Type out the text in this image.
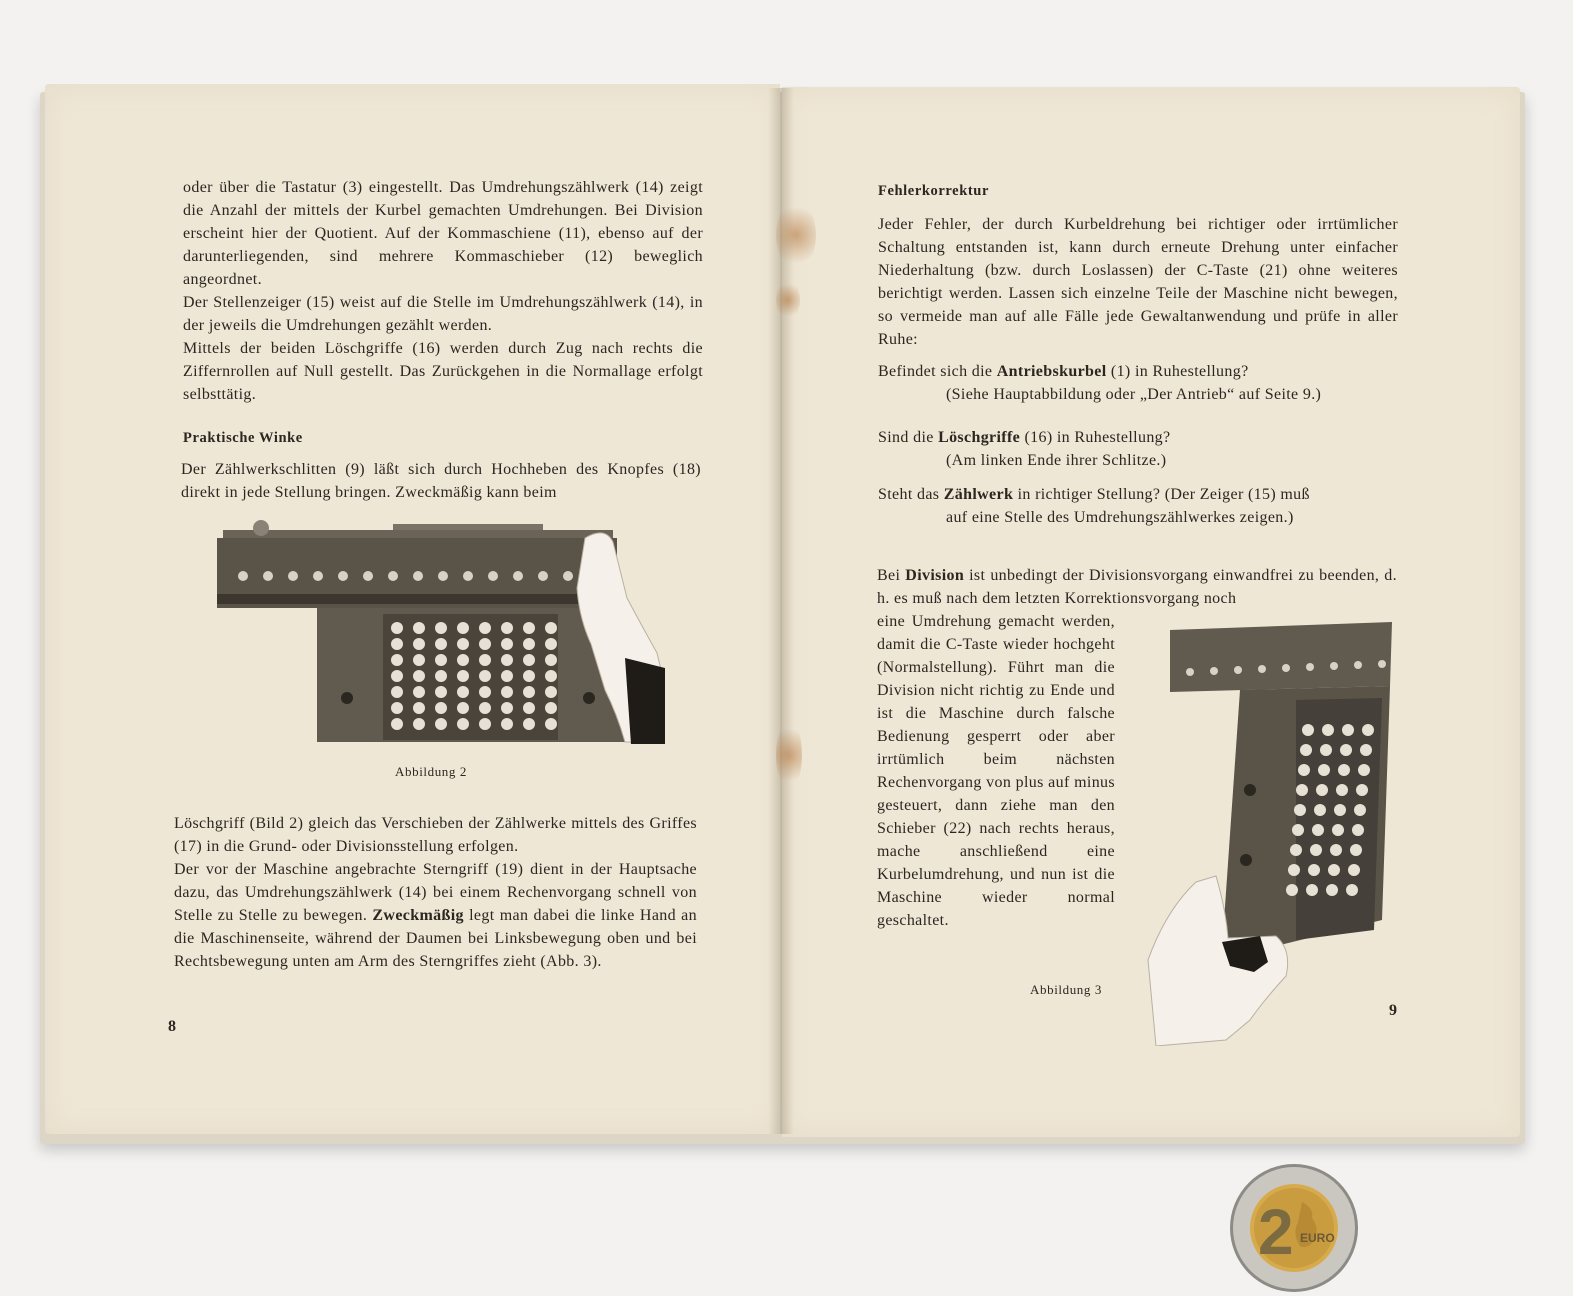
oder über die Tastatur (3) eingestellt. Das Umdrehungszählwerk (14) zeigt die Anzahl der mittels der Kurbel gemachten Umdrehungen. Bei Division erscheint hier der Quotient. Auf der Kommaschiene (11), ebenso auf der darunterliegenden, sind mehrere Kommaschieber (12) beweglich angeordnet.

Der Stellenzeiger (15) weist auf die Stelle im Umdrehungszählwerk (14), in der jeweils die Umdrehungen gezählt werden.

Mittels der beiden Löschgriffe (16) werden durch Zug nach rechts die Ziffernrollen auf Null gestellt. Das Zurückgehen in die Normallage erfolgt selbsttätig.

Praktische Winke
Der Zählwerkschlitten (9) läßt sich durch Hochheben des Knopfes (18) direkt in jede Stellung bringen. Zweckmäßig kann beim
Abbildung 2
Löschgriff (Bild 2) gleich das Verschieben der Zählwerke mittels des Griffes (17) in die Grund- oder Divisionsstellung erfolgen.
Der vor der Maschine angebrachte Sterngriff (19) dient in der Hauptsache dazu, das Umdrehungszählwerk (14) bei einem Rechenvorgang schnell von Stelle zu Stelle zu bewegen. Zweckmäßig legt man dabei die linke Hand an die Maschinenseite, während der Daumen bei Linksbewegung oben und bei Rechtsbewegung unten am Arm des Sterngriffes zieht (Abb. 3).
8
Fehlerkorrektur
Jeder Fehler, der durch Kurbeldrehung bei richtiger oder irrtümlicher Schaltung entstanden ist, kann durch erneute Drehung unter einfacher Niederhaltung (bzw. durch Loslassen) der C-Taste (21) ohne weiteres berichtigt werden. Lassen sich einzelne Teile der Maschine nicht bewegen, so vermeide man auf alle Fälle jede Gewaltanwendung und prüfe in aller Ruhe:
Befindet sich die Antriebskurbel (1) in Ruhestellung?
(Siehe Hauptabbildung oder „Der Antrieb“ auf Seite 9.)
Sind die Löschgriffe (16) in Ruhestellung?
(Am linken Ende ihrer Schlitze.)
Steht das Zählwerk in richtiger Stellung? (Der Zeiger (15) muß
auf eine Stelle des Umdrehungszählwerkes zeigen.)
Bei Division ist unbedingt der Divisionsvorgang einwandfrei zu beenden, d. h. es muß nach dem letzten Korrektionsvorgang noch
eine Umdrehung gemacht werden, damit die C-Taste wieder hochgeht (Normalstellung). Führt man die Division nicht richtig zu Ende und ist die Maschine durch falsche Bedienung gesperrt oder aber irrtümlich beim nächsten Rechenvorgang von plus auf minus gesteuert, dann ziehe man den Schieber (22) nach rechts heraus, mache anschließend eine Kurbelumdrehung, und nun ist die Maschine wieder normal geschaltet.
Abbildung 3
9
2 EURO
